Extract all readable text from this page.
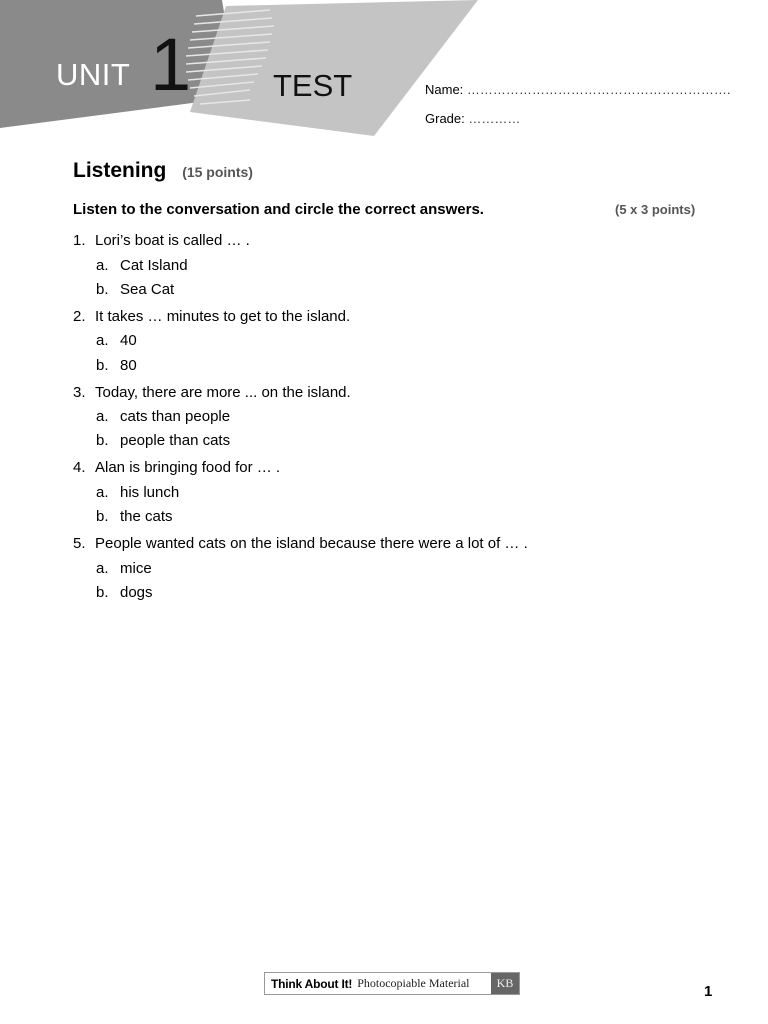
UNIT 1	TEST	Name: …………………………………………………….
Grade: …………
Listening (15 points)
Listen to the conversation and circle the correct answers.	(5 x 3 points)
1. Lori’s boat is called … .
a. Cat Island
b. Sea Cat
2. It takes … minutes to get to the island.
a. 40
b. 80
3. Today, there are more ... on the island.
a. cats than people
b. people than cats
4. Alan is bringing food for … .
a. his lunch
b. the cats
5. People wanted cats on the island because there were a lot of … .
a. mice
b. dogs
Think About It! Photocopiable Material	KB	1
